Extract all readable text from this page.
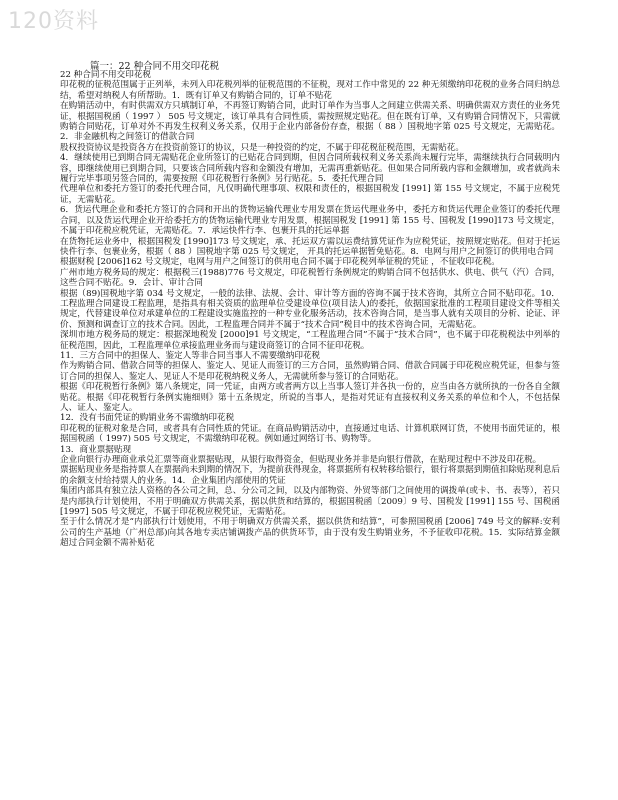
120资料
篇一：22 种合同不用交印花税

22 种合同不用交印花税

印花税的征税范围属于正列举，未列入印花税列举的征税范围的不征税，现对工作中常见的 22 种无须缴纳印花税的业务合同归纳总结，希望对纳税人有所帮助。1．既有订单又有购销合同的，订单不贴花

在购销活动中，有时供需双方只填制订单，不再签订购销合同，此时订单作为当事人之间建立供需关系、明确供需双方责任的业务凭证，根据国税函（ 1997 ） 505 号文规定，该订单具有合同性质，需按照规定贴花。但在既有订单，又有购销合同情况下，只需就购销合同贴花，订单对外不再发生权利义务关系，仅用于企业内部备份存查，根据（ 88 ）国税地字第 025 号文规定，无需贴花。2．非金融机构之间签订的借款合同

股权投资协议是投资各方在投资前签订的协议，只是一种投资的约定，不属于印花税征税范围，无需贴花。

4．继续使用已到期合同无需贴花企业所签订的已贴花合同到期，但因合同所载权利义务关系尚未履行完毕，需继续执行合同载明内容，即继续使用已到期合同，只要该合同所载内容和金额没有增加，无需再重新贴花。但如果合同所载内容和金额增加，或者就尚未履行完毕事项另签合同的，需要按照《印花税暂行条例》另行贴花。5．委托代理合同

代理单位和委托方签订的委托代理合同，凡仅明确代理事项、权限和责任的，根据国税发 [1991] 第 155 号文规定，不属于应税凭证，无需贴花。

6．货运代理企业和委托方签订的合同和开出的货物运输代理业专用发票在货运代理业务中，委托方和货运代理企业签订的委托代理合同，以及货运代理企业开给委托方的货物运输代理业专用发票，根据国税发 [1991] 第 155 号、国税发 [1990]173 号文规定，不属于印花税应税凭证，无需贴花。7．承运快件行李、包裹开具的托运单据

在货物托运业务中，根据国税发 [1990]173 号文规定，承、托运双方需以运费结算凭证作为应税凭证，按照规定贴花。但对于托运快件行李、包裹业务，根据（ 88 ）国税地字第 025 号文规定， 开具的托运单据暂免贴花。8．电网与用户之间签订的供用电合同

根据财税 [2006]162 号文规定，电网与用户之间签订的供用电合同不属于印花税列举征税的凭证 ，不征收印花税。

广州市地方税务局的规定：根据税三(1988)776 号文规定，印花税暂行条例规定的购销合同不包括供水、供电、供气（汽）合同，这些合同不贴花。9．会计、审计合同

根据（89)国税地字第 034 号文规定，一般的法律、法规、会计、审计等方面的咨询不属于技术咨询，其所立合同不贴印花。10．工程监理合同建设工程监理，是指具有相关资质的监理单位受建设单位(项目法人)的委托，依据国家批准的工程项目建设文件等相关规定，代替建设单位对承建单位的工程建设实施监控的一种专业化服务活动，技术咨询合同，是当事人就有关项目的分析、论证、评价、预测和调查订立的技术合同。因此，工程监理合同并不属于“技术合同”税目中的技术咨询合同，无需贴花。

深圳市地方税务局的规定：根据深地税发 [2000]91 号文规定，“工程监理合同”不属于“技术合同”，也不属于印花税税法中列举的征税范围，因此，工程监理单位承接监理业务而与建设商签订的合同不征印花税。

11．三方合同中的担保人、鉴定人等非合同当事人不需要缴纳印花税

作为购销合同、借款合同等的担保人、鉴定人、见证人而签订的三方合同，虽然购销合同、借款合同属于印花税应税凭证，但参与签订合同的担保人、鉴定人、见证人不是印花税纳税义务人，无需就所参与签订的合同贴花。

根据《印花税暂行条例》第八条规定，同一凭证，由两方或者两方以上当事人签订并各执一份的，应当由各方就所执的一份各自全额贴花。根据《印花税暂行条例实施细则》第十五条规定，所说的当事人，是指对凭证有直接权利义务关系的单位和个人，不包括保人、证人、鉴定人。

12．没有书面凭证的购销业务不需缴纳印花税

印花税的征税对象是合同，或者具有合同性质的凭证。在商品购销活动中，直接通过电话、计算机联网订货，不使用书面凭证的，根据国税函（ 1997) 505 号文规定，不需缴纳印花税。例如通过网络订书、购物等。

13．商业票据贴现

企业向银行办理商业承兑汇票等商业票据贴现，从银行取得资金，但贴现业务并非是向银行借款，在贴现过程中不涉及印花税。

票据贴现业务是指持票人在票据尚未到期的情况下，为提前获得现金，将票据所有权转移给银行，银行将票据到期值扣除贴现利息后的余额支付给持票人的业务。14．企业集团内部使用的凭证

集团内部具有独立法人资格的各公司之间，总、分公司之间，以及内部物资、外贸等部门之间使用的调拨单(或卡、书、表等），若只是内部执行计划使用，不用于明确双方供需关系，据以供货和结算的，根据国税函〔2009〕9 号、国税发 [1991] 155 号、国税函 [1997] 505 号文规定，不属于印花税应税凭证，无需贴花。

至于什么情况才是“内部执行计划使用，不用于明确双方供需关系，据以供货和结算”，可参照国税函 [2006] 749 号文的解释:安利公司的生产基地（广州总部)向其各地专卖店铺调拨产品的供货环节，由于没有发生购销业务，不予征收印花税。15．实际结算金额超过合同金额不需补贴花
